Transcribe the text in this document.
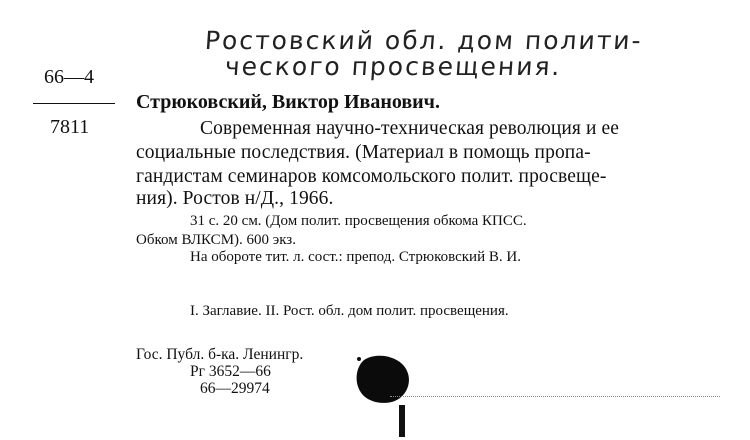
Ростовский обл. дом полити-
ческого просвещения.
66—4
7811
Стрюковский, Виктор Иванович.
Современная научно-техническая революция и ее
социальные последствия. (Материал в помощь пропа-
гандистам семинаров комсомольского полит. просвеще-
ния). Ростов н/Д., 1966.
31 с. 20 см. (Дом полит. просвещения обкома КПСС.
Обком ВЛКСМ). 600 экз.
На обороте тит. л. сост.: препод. Стрюковский В. И.
I. Заглавие. II. Рост. обл. дом полит. просвещения.
Гос. Публ. б-ка. Ленингр.
Рг 3652—66
66—29974
